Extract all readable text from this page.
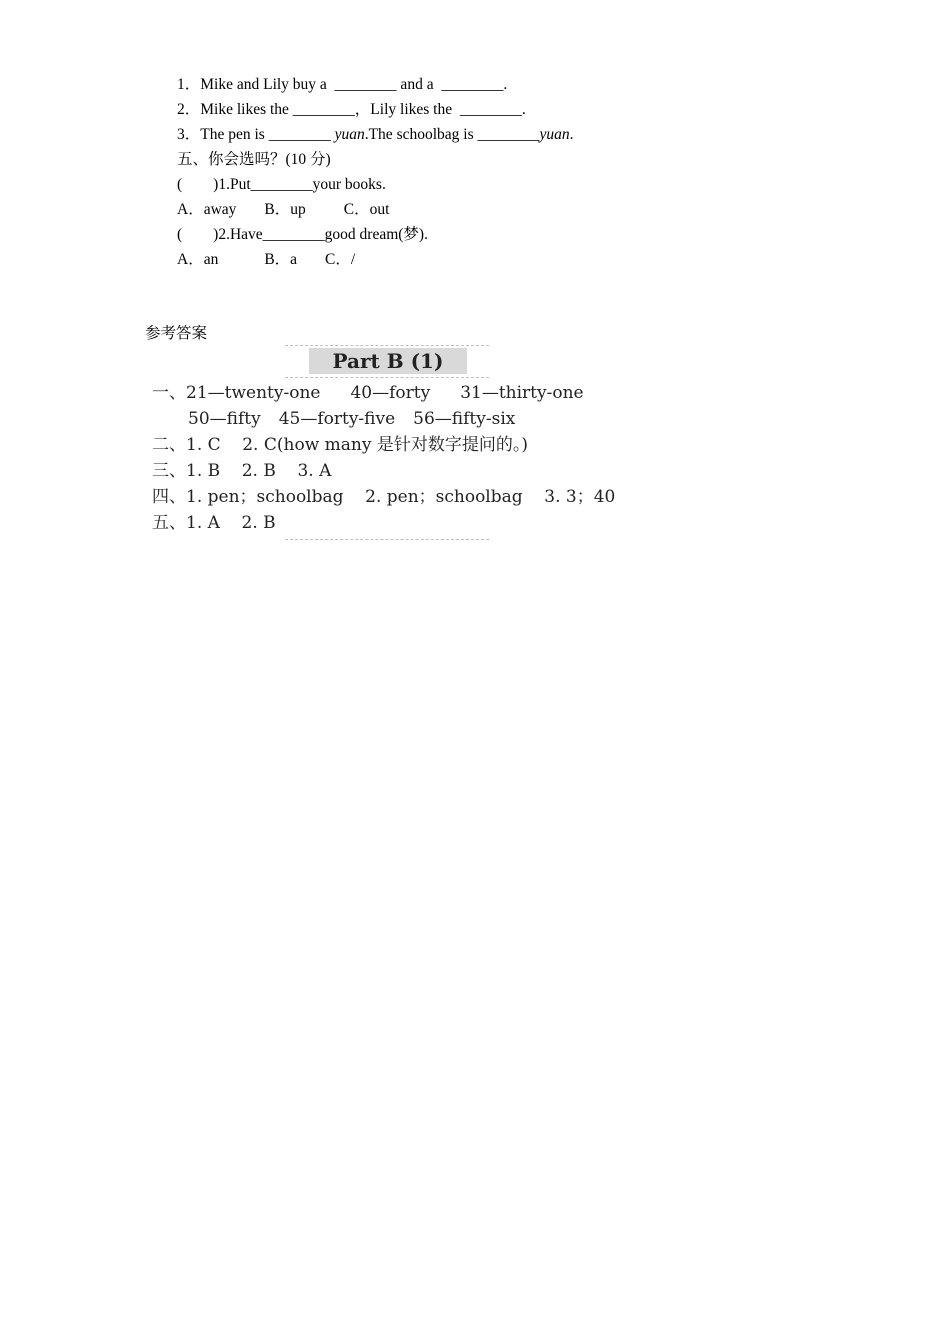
1．Mike and Lily buy a  ________ and a  ________.
2．Mike likes the ________，Lily likes the  ________.
3．The pen is ________ yuan.The schoolbag is ________yuan.
五、你会选吗？(10 分)
(        )1.Put________your books.
A．away B．up C．out
(        )2.Have________good dream(梦).
A．an	B．a C．/
参考答案
Part B (1)
一、21—twenty-one 40—forty 31—thirty-one
50—fifty 45—forty-five 56—fifty-six
二、1. C    2. C(how many 是针对数字提问的。)
三、1. B    2. B    3. A
四、1. pen；schoolbag    2. pen；schoolbag    3. 3；40
五、1. A    2. B
